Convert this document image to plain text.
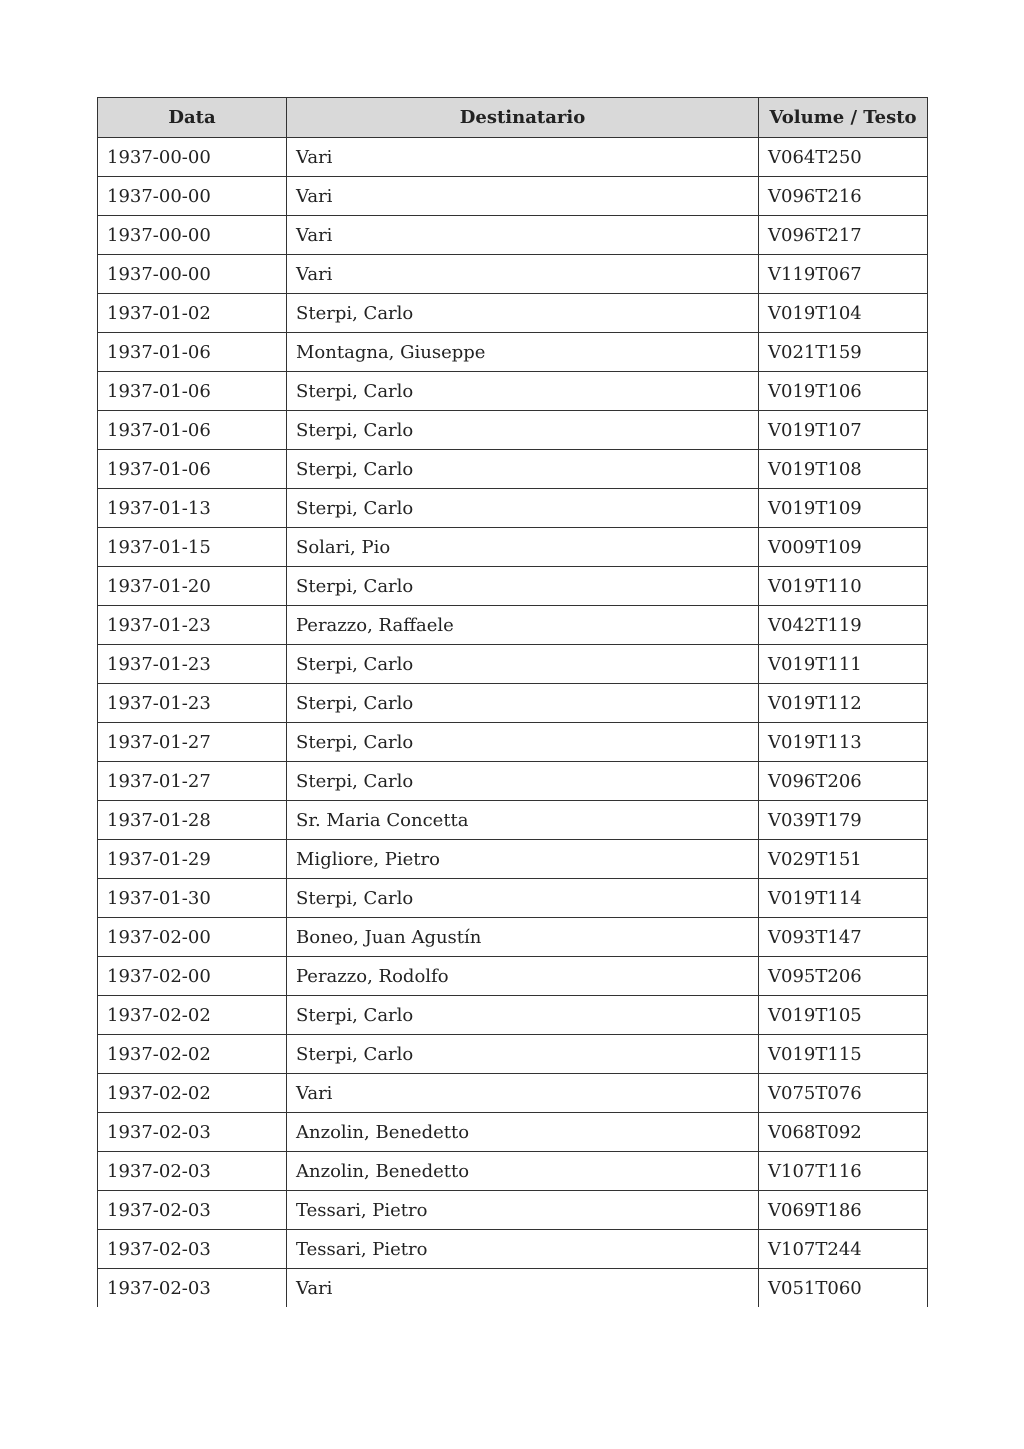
Data	Destinatario	Volume / Testo
1937-00-00	Vari	V064T250
1937-00-00	Vari	V096T216
1937-00-00	Vari	V096T217
1937-00-00	Vari	V119T067
1937-01-02	Sterpi, Carlo	V019T104
1937-01-06	Montagna, Giuseppe	V021T159
1937-01-06	Sterpi, Carlo	V019T106
1937-01-06	Sterpi, Carlo	V019T107
1937-01-06	Sterpi, Carlo	V019T108
1937-01-13	Sterpi, Carlo	V019T109
1937-01-15	Solari, Pio	V009T109
1937-01-20	Sterpi, Carlo	V019T110
1937-01-23	Perazzo, Raffaele	V042T119
1937-01-23	Sterpi, Carlo	V019T111
1937-01-23	Sterpi, Carlo	V019T112
1937-01-27	Sterpi, Carlo	V019T113
1937-01-27	Sterpi, Carlo	V096T206
1937-01-28	Sr. Maria Concetta	V039T179
1937-01-29	Migliore, Pietro	V029T151
1937-01-30	Sterpi, Carlo	V019T114
1937-02-00	Boneo, Juan Agustín	V093T147
1937-02-00	Perazzo, Rodolfo	V095T206
1937-02-02	Sterpi, Carlo	V019T105
1937-02-02	Sterpi, Carlo	V019T115
1937-02-02	Vari	V075T076
1937-02-03	Anzolin, Benedetto	V068T092
1937-02-03	Anzolin, Benedetto	V107T116
1937-02-03	Tessari, Pietro	V069T186
1937-02-03	Tessari, Pietro	V107T244
1937-02-03	Vari	V051T060
